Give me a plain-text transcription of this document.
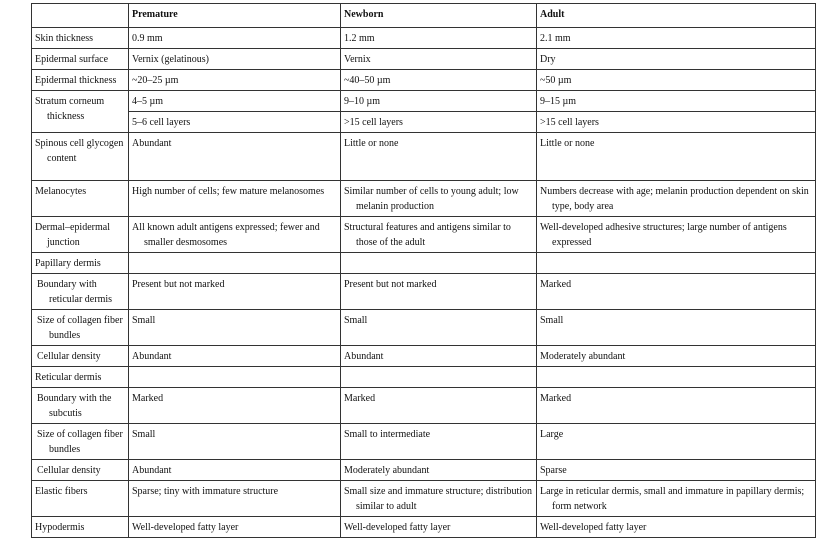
	Premature	Newborn	Adult
Skin thickness	0.9 mm	1.2 mm	2.1 mm
Epidermal surface	Vernix (gelatinous)	Vernix	Dry
Epidermal thickness	~20–25 µm	~40–50 µm	~50 µm

Stratum corneum thickness	4–5 µm	9–10 µm	9–15 µm
	5–6 cell layers	>15 cell layers	>15 cell layers

Spinous cell glycogen content	Abundant	Little or none	Little or none
Melanocytes	High number of cells; few mature melanosomes	Similar number of cells to young adult; low melanin production	Numbers decrease with age; melanin production dependent on skin type, body area

Dermal–epidermal junction	All known adult antigens expressed; fewer and smaller desmosomes	Structural features and antigens similar to those of the adult	Well-developed adhesive structures; large number of antigens expressed

Papillary dermis			

Boundary with reticular dermis	Present but not marked	Present but not marked	Marked

Size of collagen fiber bundles	Small	Small	Small
Cellular density	Abundant	Abundant	Moderately abundant
Reticular dermis			

Boundary with the subcutis	Marked	Marked	Marked

Size of collagen fiber bundles	Small	Small to intermediate	Large
Cellular density	Abundant	Moderately abundant	Sparse
Elastic fibers	Sparse; tiny with immature structure	Small size and immature structure; distribution similar to adult	Large in reticular dermis, small and immature in papillary dermis; form network

Hypodermis	Well-developed fatty layer	Well-developed fatty layer	Well-developed fatty layer
